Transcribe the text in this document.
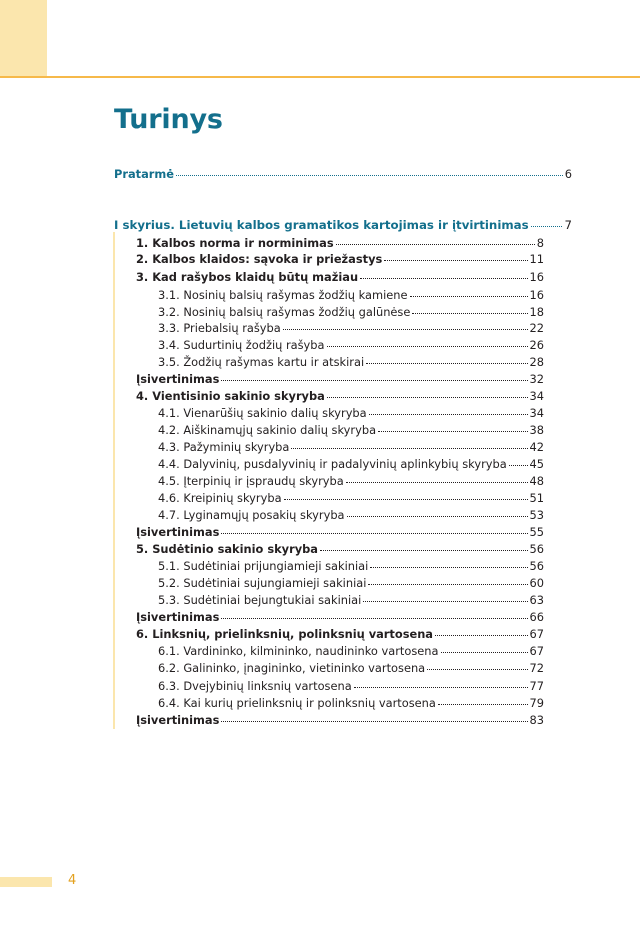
Turinys
Pratarmė	6
I skyrius. Lietuvių kalbos gramatikos kartojimas ir įtvirtinimas	7
1. Kalbos norma ir norminimas	8
2. Kalbos klaidos: sąvoka ir priežastys	11
3. Kad rašybos klaidų būtų mažiau	16
3.1. Nosinių balsių rašymas žodžių kamiene	16
3.2. Nosinių balsių rašymas žodžių galūnėse	18
3.3. Priebalsių rašyba	22
3.4. Sudurtinių žodžių rašyba	26
3.5. Žodžių rašymas kartu ir atskirai	28
Įsivertinimas	32
4. Vientisinio sakinio skyryba	34
4.1. Vienarūšių sakinio dalių skyryba	34
4.2. Aiškinamųjų sakinio dalių skyryba	38
4.3. Pažyminių skyryba	42
4.4. Dalyvinių, pusdalyvinių ir padalyvinių aplinkybių skyryba 45
4.5. Įterpinių ir įspraudų skyryba	48
4.6. Kreipinių skyryba	51
4.7. Lyginamųjų posakių skyryba	53
Įsivertinimas	55
5. Sudėtinio sakinio skyryba	56
5.1. Sudėtiniai prijungiamieji sakiniai	56
5.2. Sudėtiniai sujungiamieji sakiniai	60
5.3. Sudėtiniai bejungtukiai sakiniai	63
Įsivertinimas	66
6. Linksnių, prielinksnių, polinksnių vartosena	67
6.1. Vardininko, kilmininko, naudininko vartosena	67
6.2. Galininko, įnagininko, vietininko vartosena	72
6.3. Dvejybinių linksnių vartosena	77
6.4. Kai kurių prielinksnių ir polinksnių vartosena	79
Įsivertinimas	83
4
